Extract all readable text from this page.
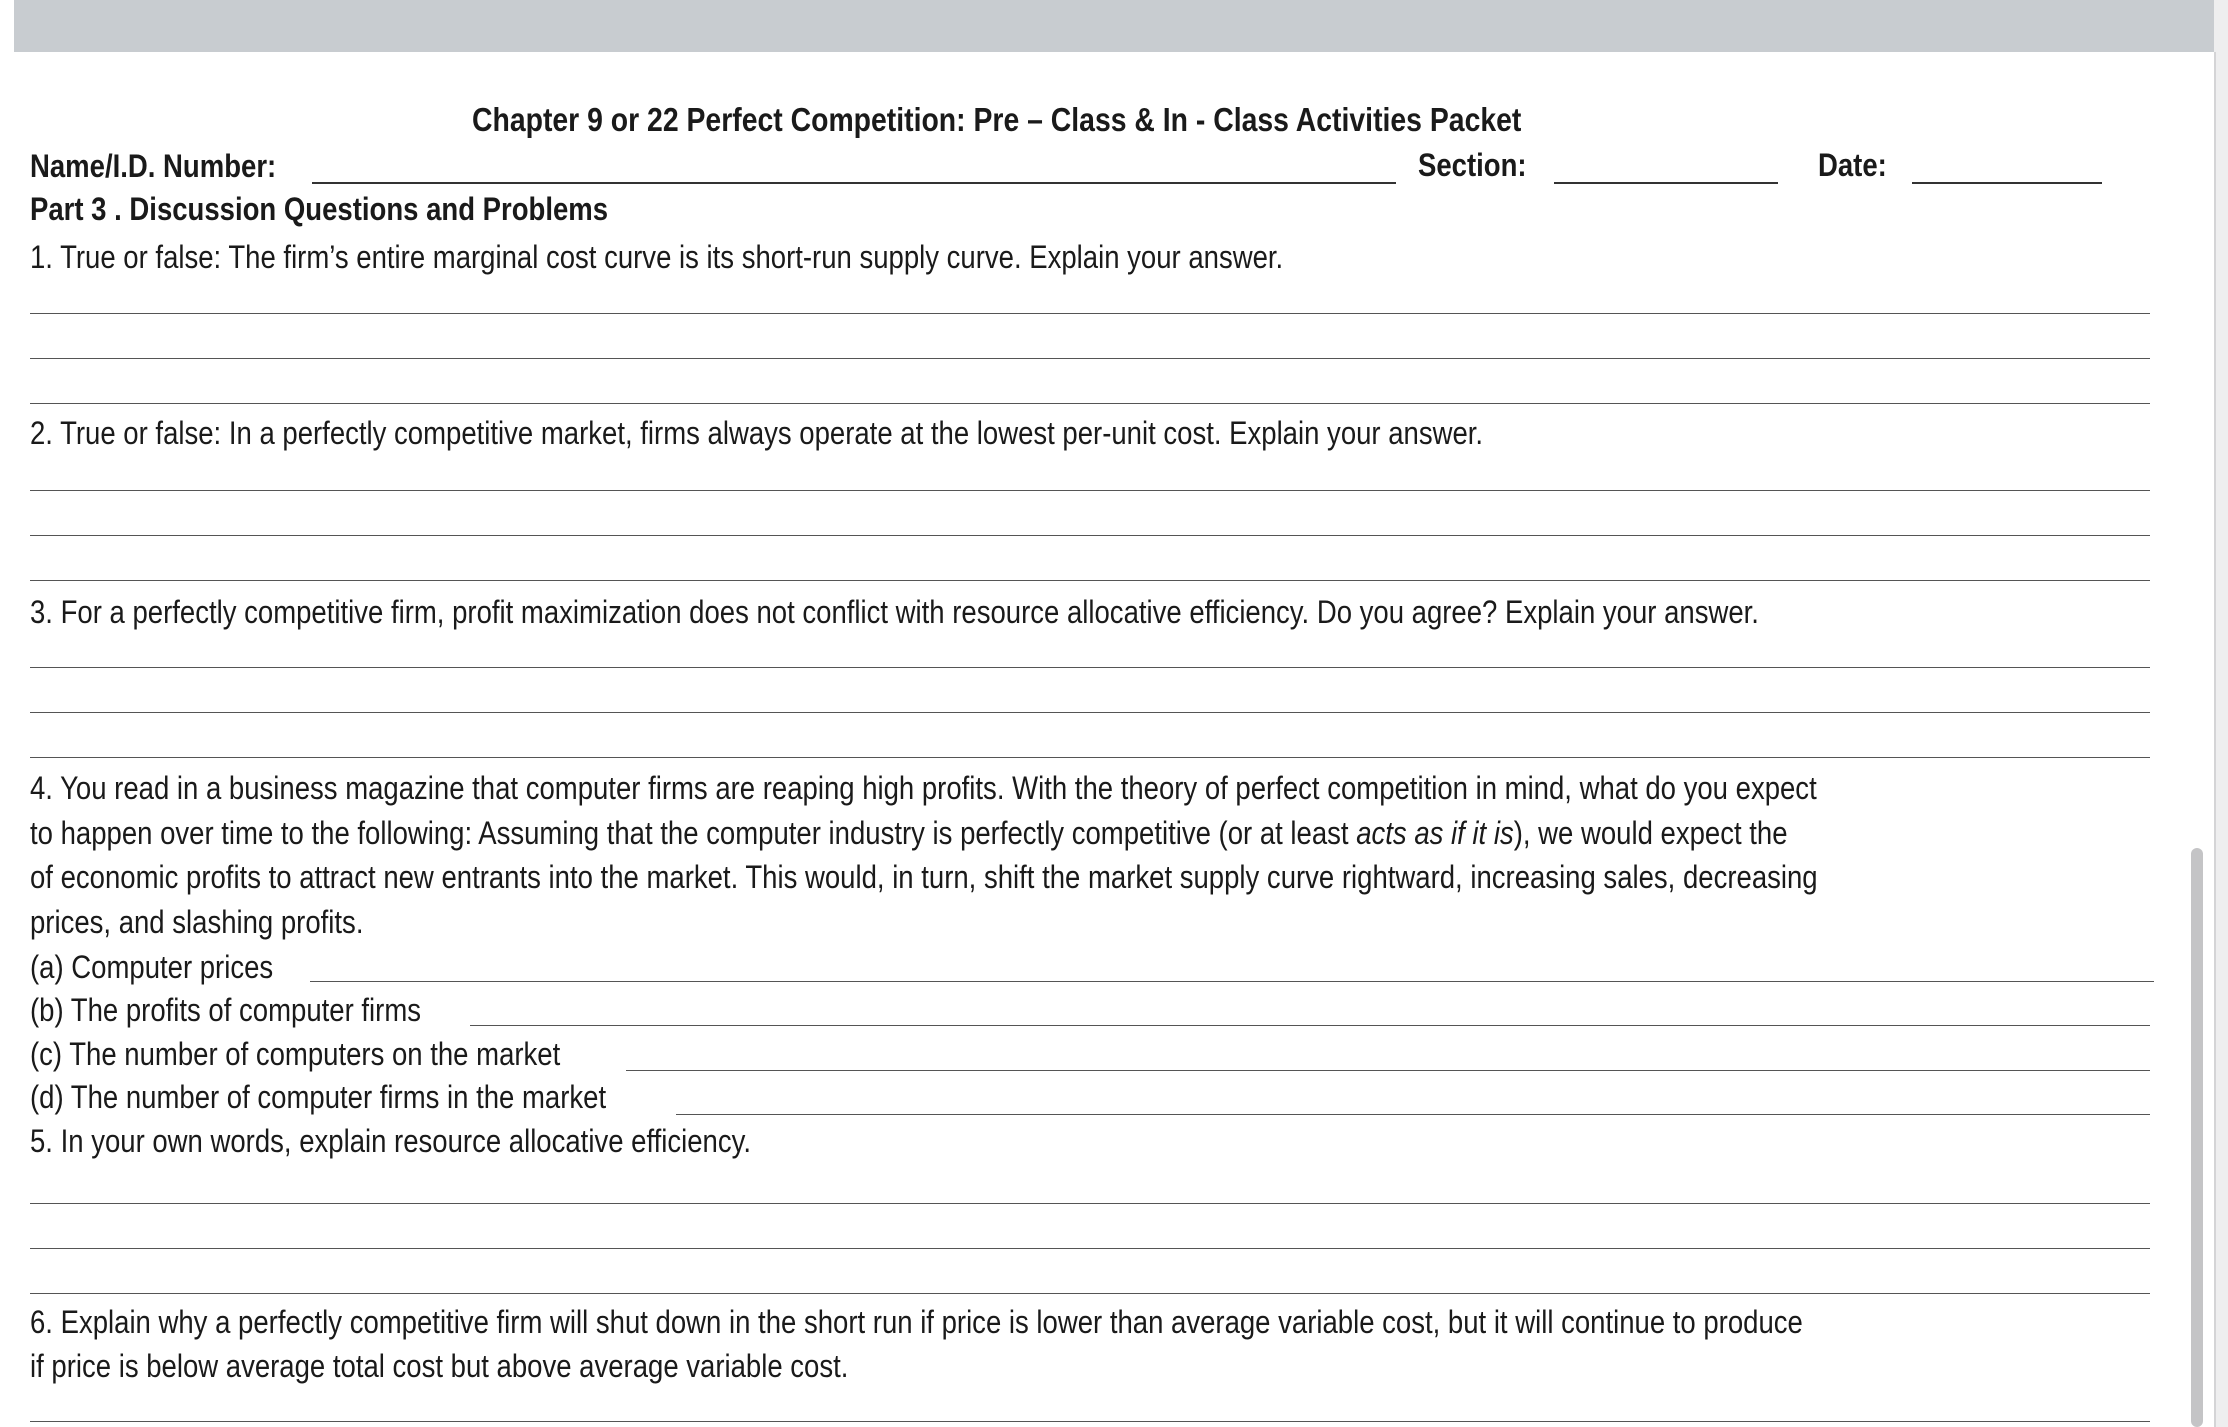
Chapter 9 or 22 Perfect Competition: Pre – Class & In - Class Activities Packet
Name/I.D. Number:	Section:	Date:
Part 3 . Discussion Questions and Problems
1. True or false: The firm’s entire marginal cost curve is its short-run supply curve. Explain your answer.
2. True or false: In a perfectly competitive market, firms always operate at the lowest per-unit cost. Explain your answer.
3. For a perfectly competitive firm, profit maximization does not conflict with resource allocative efficiency. Do you agree? Explain your answer.
4. You read in a business magazine that computer firms are reaping high profits. With the theory of perfect competition in mind, what do you expect
to happen over time to the following: Assuming that the computer industry is perfectly competitive (or at least acts as if it is), we would expect the
of economic profits to attract new entrants into the market. This would, in turn, shift the market supply curve rightward, increasing sales, decreasing
prices, and slashing profits.
(a) Computer prices
(b) The profits of computer firms
(c) The number of computers on the market
(d) The number of computer firms in the market
5. In your own words, explain resource allocative efficiency.
6. Explain why a perfectly competitive firm will shut down in the short run if price is lower than average variable cost, but it will continue to produce
if price is below average total cost but above average variable cost.
